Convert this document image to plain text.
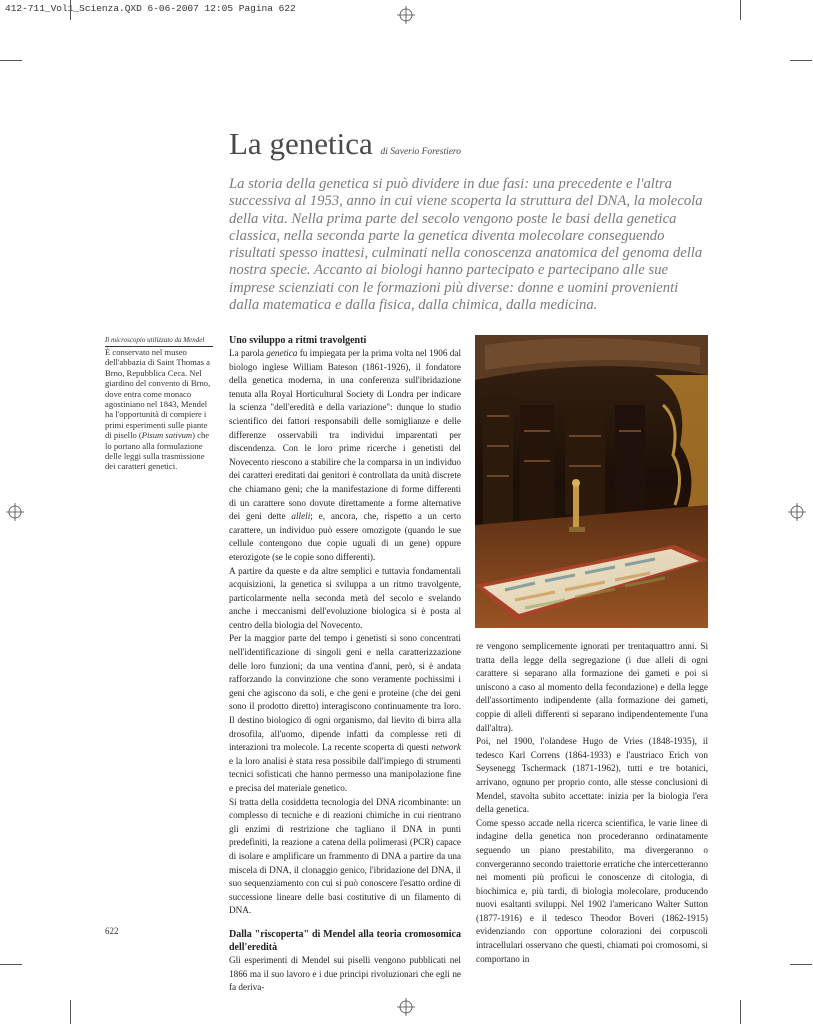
412-711_Vol1_Scienza.QXD 6-06-2007 12:05 Pagina 622
La genetica di Saverio Forestiero
La storia della genetica si può dividere in due fasi: una precedente e l'altra successiva al 1953, anno in cui viene scoperta la struttura del DNA, la molecola della vita. Nella prima parte del secolo vengono poste le basi della genetica classica, nella seconda parte la genetica diventa molecolare conseguendo risultati spesso inattesi, culminati nella conoscenza anatomica del genoma della nostra specie. Accanto ai biologi hanno partecipato e partecipano alle sue imprese scienziati con le formazioni più diverse: donne e uomini provenienti dalla matematica e dalla fisica, dalla chimica, dalla medicina.
Il microscopio utilizzato da Mendel
È conservato nel museo dell'abbazia di Saint Thomas a Brno, Repubblica Ceca. Nel giardino del convento di Brno, dove entra come monaco agostiniano nel 1843, Mendel ha l'opportunità di compiere i primi esperimenti sulle piante di pisello (Pisum sativum) che lo portano alla formulazione delle leggi sulla trasmissione dei caratteri genetici.
Uno sviluppo a ritmi travolgenti

La parola genetica fu impiegata per la prima volta nel 1906 dal biologo inglese William Bateson (1861-1926), il fondatore della genetica moderna, in una conferenza sull'ibridazione tenuta alla Royal Horticultural Society di Londra per indicare la scienza "dell'eredità e della variazione": dunque lo studio scientifico dei fattori responsabili delle somiglianze e delle differenze osservabili tra individui imparentati per discendenza. Con le loro prime ricerche i genetisti del Novecento riescono a stabilire che la comparsa in un individuo dei caratteri ereditati dai genitori è controllata da unità discrete che chiamano geni; che la manifestazione di forme differenti di un carattere sono dovute direttamente a forme alternative dei geni dette alleli; e, ancora, che, rispetto a un certo carattere, un individuo può essere omozigote (quando le sue cellule contengono due copie uguali di un gene) oppure eterozigote (se le copie sono differenti).

A partire da queste e da altre semplici e tuttavia fondamentali acquisizioni, la genetica si sviluppa a un ritmo travolgente, particolarmente nella seconda metà del secolo e svelando anche i meccanismi dell'evoluzione biologica si è posta al centro della biologia del Novecento.

Per la maggior parte del tempo i genetisti si sono concentrati nell'identificazione di singoli geni e nella caratterizzazione delle loro funzioni; da una ventina d'anni, però, si è andata rafforzando la convinzione che sono veramente pochissimi i geni che agiscono da soli, e che geni e proteine (che dei geni sono il prodotto diretto) interagiscono continuamente tra loro. Il destino biologico di ogni organismo, dal lievito di birra alla drosofila, all'uomo, dipende infatti da complesse reti di interazioni tra molecole. La recente scoperta di questi network e la loro analisi è stata resa possibile dall'impiego di strumenti tecnici sofisticati che hanno permesso una manipolazione fine e precisa del materiale genetico.

Si tratta della cosiddetta tecnologia del DNA ricombinante: un complesso di tecniche e di reazioni chimiche in cui rientrano gli enzimi di restrizione che tagliano il DNA in punti predefiniti, la reazione a catena della polimerasi (PCR) capace di isolare e amplificare un frammento di DNA a partire da una miscela di DNA, il clonaggio genico, l'ibridazione del DNA, il suo sequenziamento con cui si può conoscere l'esatto ordine di successione lineare delle basi costitutive di un filamento di DNA.

Dalla "riscoperta" di Mendel alla teoria cromosomica dell'eredità

Gli esperimenti di Mendel sui piselli vengono pubblicati nel 1866 ma il suo lavoro e i due principi rivoluzionari che egli ne fa deriva-

re vengono semplicemente ignorati per trentaquattro anni. Si tratta della legge della segregazione (i due alleli di ogni carattere si separano alla formazione dei gameti e poi si uniscono a caso al momento della fecondazione) e della legge dell'assortimento indipendente (alla formazione dei gameti, coppie di alleli differenti si separano indipendentemente l'una dall'altra).

Poi, nel 1900, l'olandese Hugo de Vries (1848-1935), il tedesco Karl Correns (1864-1933) e l'austriaco Erich von Seysenegg Tschermack (1871-1962), tutti e tre botanici, arrivano, ognuno per proprio conto, alle stesse conclusioni di Mendel, stavolta subito accettate: inizia per la biologia l'era della genetica.

Come spesso accade nella ricerca scientifica, le varie linee di indagine della genetica non procederanno ordinatamente seguendo un piano prestabilito, ma divergeranno o convergeranno secondo traiettorie erratiche che intercetteranno nei momenti più proficui le conoscenze di citologia, di biochimica e, più tardi, di biologia molecolare, producendo nuovi esaltanti sviluppi. Nel 1902 l'americano Walter Sutton (1877-1916) e il tedesco Theodor Boveri (1862-1915) evidenziando con opportune colorazioni dei corpuscoli intracellulari osservano che questi, chiamati poi cromosomi, si comportano in

622
